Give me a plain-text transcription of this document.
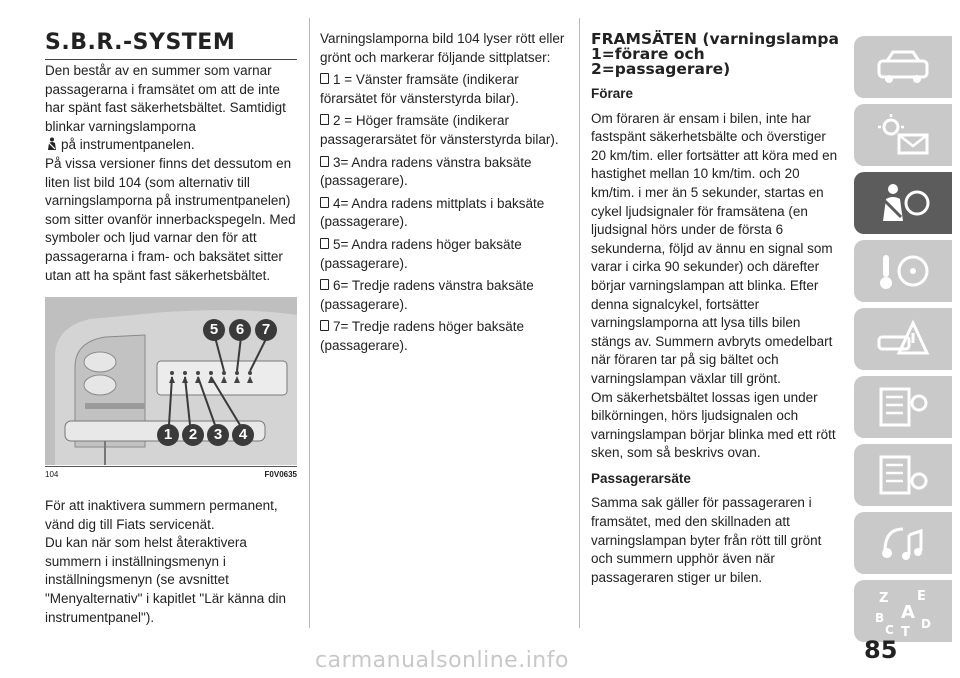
S.B.R.-SYSTEM

Den består av en summer som varnar passagerarna i framsätet om att de inte har spänt fast säkerhetsbältet. Samtidigt blinkar varningslamporna
på instrumentpanelen.

På vissa versioner finns det dessutom en liten list bild 104 (som alternativ till varningslamporna på instrumentpanelen) som sitter ovanför innerbackspegeln. Med symboler och ljud varnar den för att passagerarna i fram- och baksätet sitter utan att ha spänt fast säkerhetsbältet.

5	6	7
1	2	3	4
104	F0V0635

För att inaktivera summern permanent, vänd dig till Fiats servicenät.

Du kan när som helst återaktivera summern i inställningsmenyn i inställningsmenyn (se avsnittet "Menyalternativ" i kapitlet "Lär känna din instrumentpanel").

Varningslamporna bild 104 lyser rött eller grönt och markerar följande sittplatser:

1 = Vänster framsäte (indikerar förarsätet för vänsterstyrda bilar).

2 = Höger framsäte (indikerar passagerarsätet för vänsterstyrda bilar).

3= Andra radens vänstra baksäte (passagerare).

4= Andra radens mittplats i baksäte (passagerare).

5= Andra radens höger baksäte (passagerare).

6= Tredje radens vänstra baksäte (passagerare).

7= Tredje radens höger baksäte (passagerare).

FRAMSÄTEN (varningslampa 1=förare och 2=passagerare)

Förare

Om föraren är ensam i bilen, inte har fastspänt säkerhetsbälte och överstiger 20 km/tim. eller fortsätter att köra med en hastighet mellan 10 km/tim. och 20 km/tim. i mer än 5 sekunder, startas en cykel ljudsignaler för framsätena (en ljudsignal hörs under de första 6 sekunderna, följd av ännu en signal som varar i cirka 90 sekunder) och därefter börjar varningslampan att blinka. Efter denna signalcykel, fortsätter varningslamporna att lysa tills bilen stängs av. Summern avbryts omedelbart när föraren tar på sig bältet och varningslampan växlar till grönt.

Om säkerhetsbältet lossas igen under bilkörningen, hörs ljudsignalen och varningslampan börjar blinka med ett rött sken, som så beskrivs ovan.

Passagerarsäte

Samma sak gäller för passageraren i framsätet, med den skillnaden att varningslampan byter från rött till grönt och summern upphör även när passageraren stiger ur bilen.

Z E
A
B
C T
D
85
carmanualsonline.info
